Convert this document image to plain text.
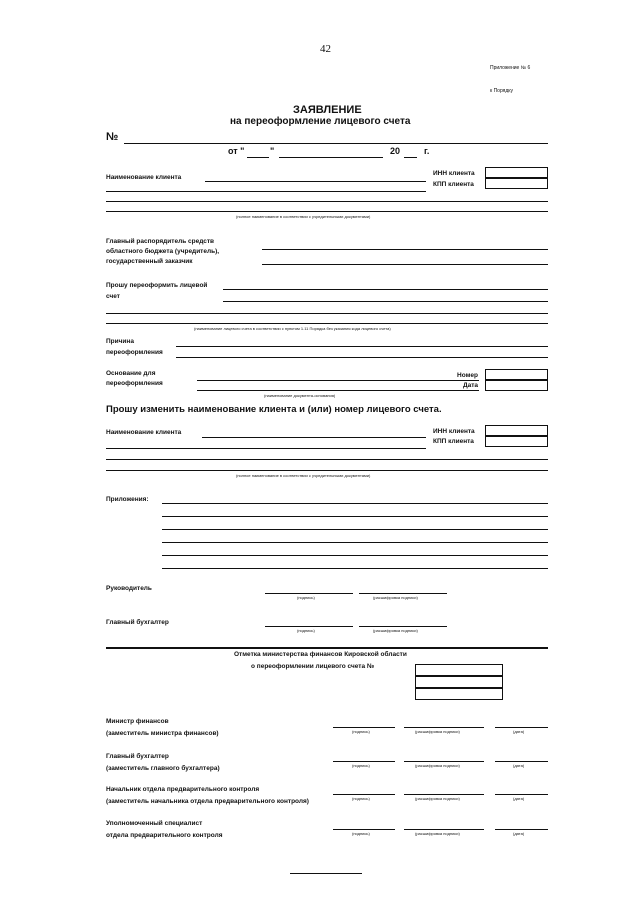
42
Приложение № 6
к Порядку
ЗАЯВЛЕНИЕ
на переоформление лицевого счета
№
от "	"	20	г.
Наименование клиента
ИНН клиента
КПП клиента
(полное наименование в соответствии с учредительными документами)
Главный распорядитель средств
областного бюджета (учредитель),
государственный заказчик
Прошу переоформить лицевой
счет
(наименование лицевого счета в соответствии с пунктом 1.11 Порядка без указания кода лицевого счета)
Причина
переоформления
Основание для
переоформления
(наименование документа-основания)
Номер
Дата
Прошу изменить наименование клиента и (или) номер лицевого счета.
Наименование клиента	ИНН клиента
КПП клиента
(полное наименование в соответствии с учредительными документами)
Приложения:
Руководитель
(подпись)	(расшифровка подписи)
Главный бухгалтер
(подпись)	(расшифровка подписи)
Отметка министерства финансов Кировской области
о переоформлении лицевого счета №
Министр финансов
(заместитель министра финансов)	(подпись)	(расшифровка подписи)	(дата)
Главный бухгалтер
(заместитель главного бухгалтера)	(подпись)	(расшифровка подписи)	(дата)
Начальник отдела предварительного контроля
(заместитель начальника отдела предварительного контроля)	(подпись)	(расшифровка подписи)	(дата)
Уполномоченный специалист
отдела предварительного контроля	(подпись)	(расшифровка подписи)	(дата)
